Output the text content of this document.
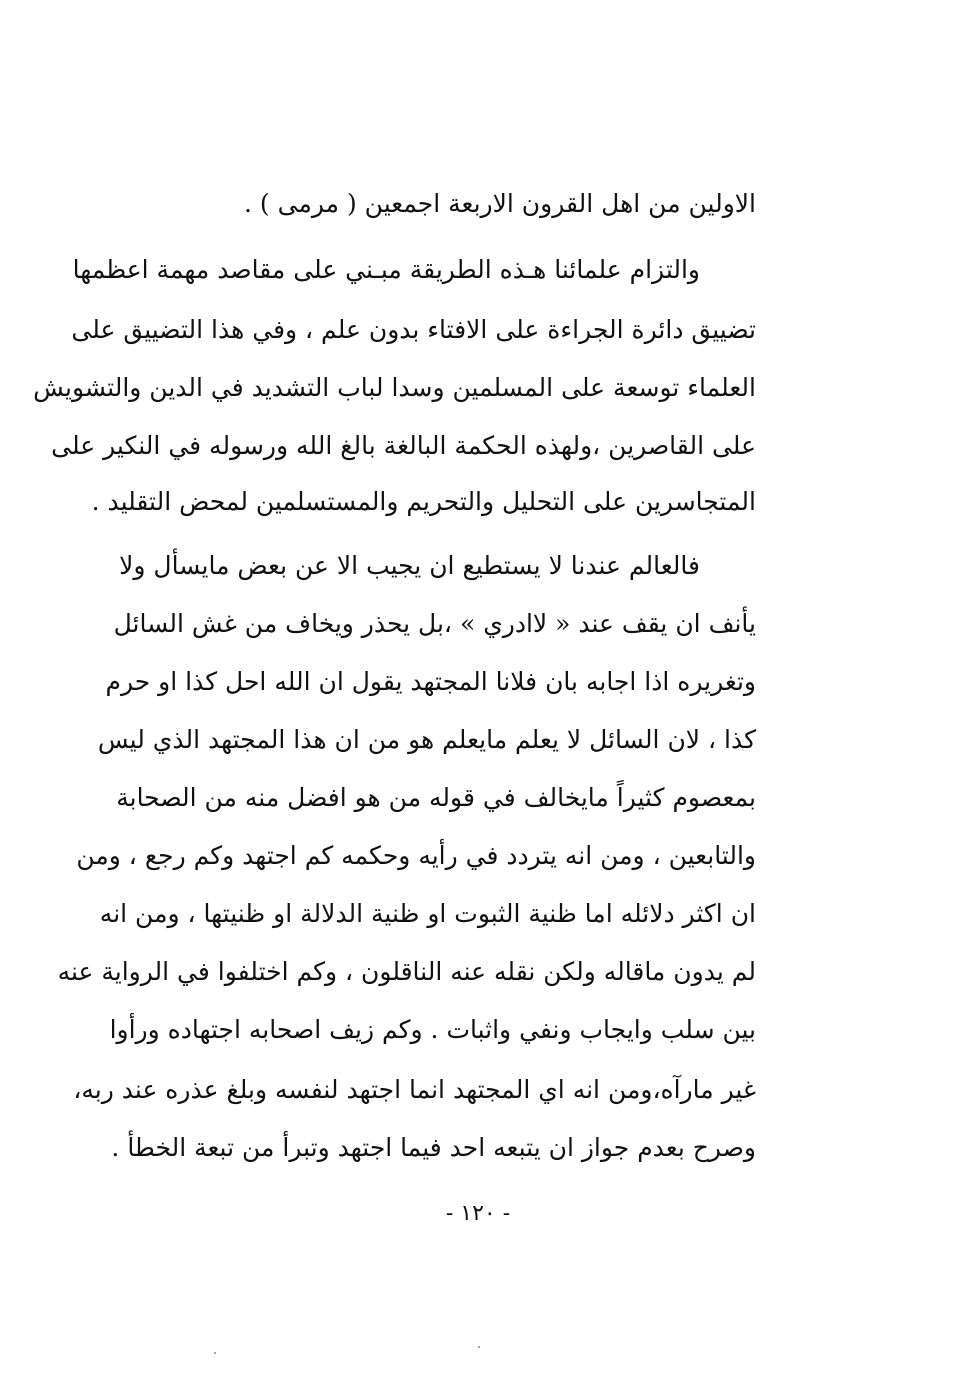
الاولين من اهل القرون الاربعة اجمعين ( مرمى ) .
والتزام علمائنا هـذه الطريقة مبـني على مقاصد مهمة اعظمها
تضييق دائرة الجراءة على الافتاء بدون علم ، وفي هذا التضييق على
العلماء توسعة على المسلمين وسدا لباب التشديد في الدين والتشويش
على القاصرين ،ولهذه الحكمة البالغة بالغ الله ورسوله في النكير على
المتجاسرين على التحليل والتحريم والمستسلمين لمحض التقليد .
فالعالم عندنا لا يستطيع ان يجيب الا عن بعض مايسأل ولا
يأنف ان يقف عند « لاادري » ،بل يحذر ويخاف من غش السائل
وتغريره اذا اجابه بان فلانا المجتهد يقول ان الله احل كذا او حرم
كذا ، لان السائل لا يعلم مايعلم هو من ان هذا المجتهد الذي ليس
بمعصوم كثيراً مايخالف في قوله من هو افضل منه من الصحابة
والتابعين ، ومن انه يتردد في رأيه وحكمه كم اجتهد وكم رجع ، ومن
ان اكثر دلائله اما ظنية الثبوت او ظنية الدلالة او ظنيتها ، ومن انه
لم يدون ماقاله ولكن نقله عنه الناقلون ، وكم اختلفوا في الرواية عنه
بين سلب وايجاب ونفي واثبات . وكم زيف اصحابه اجتهاده ورأوا
غير مارآه،ومن انه اي المجتهد انما اجتهد لنفسه وبلغ عذره عند ربه،
وصرح بعدم جواز ان يتبعه احد فيما اجتهد وتبرأ من تبعة الخطأ .
- ١٢٠ -
